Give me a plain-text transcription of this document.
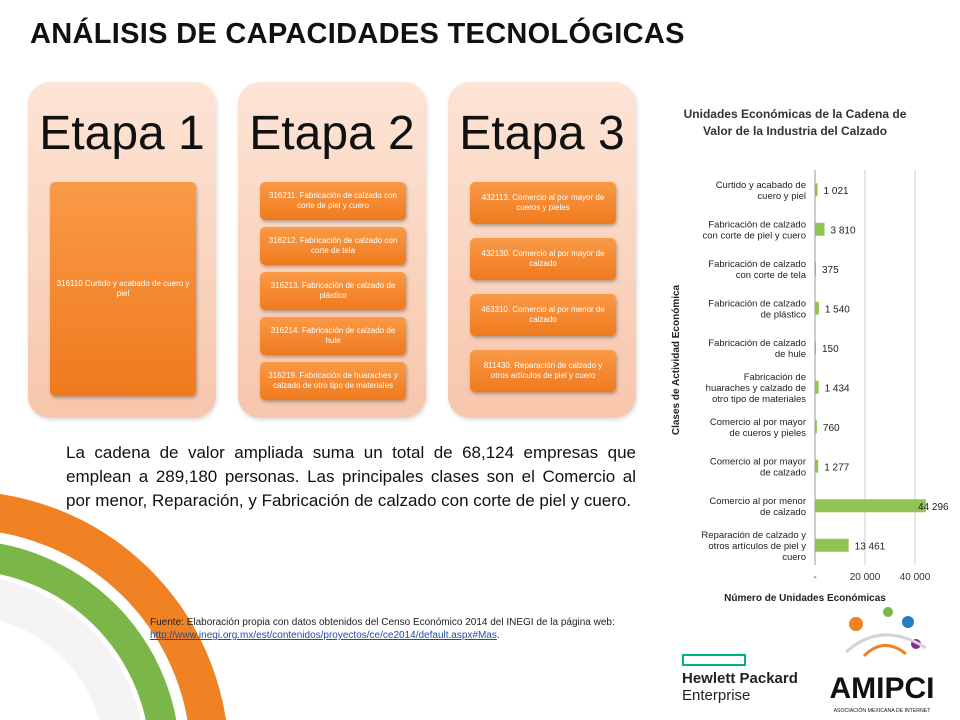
ANÁLISIS DE CAPACIDADES TECNOLÓGICAS
Etapa 1
316110 Curtido y acabado de cuero y piel
Etapa 2
316211. Fabricación de calzado con corte de piel y cuero
316212. Fabricación de calzado con corte de tela
316213. Fabricación de calzado de plástico
316214. Fabricación de calzado de hule
316219. Fabricación de huaraches y calzado de otro tipo de materiales
Etapa 3
432113. Comercio al por mayor de cueros y pieles
432130. Comercio al por mayor de calzado
463310. Comercio al por menor de calzado
811430. Reparación de calzado y otros artículos de piel y cuero
La cadena de valor ampliada suma un total de 68,124 empresas que emplean a 289,180 personas. Las principales clases son el Comercio al por menor, Reparación, y Fabricación de calzado con corte de piel y cuero.
Unidades Económicas de la Cadena de Valor de la Industria del Calzado
-	20 000 40 000
Curtido y acabado de
cuero y piel 1 021
Fabricación de calzado
con corte de piel y cuero 3 810
Fabricación de calzado
con corte de tela 375
Fabricación de calzado
de plástico 1 540
Fabricación de calzado
de hule 150
Fabricación de
huaraches y calzado de
otro tipo de materiales
1 434
Comercio al por mayor
de cueros y pieles 760
Comercio al por mayor
de calzado 1 277
Comercio al por menor
de calzado	44 296
Reparación de calzado y
otros artículos de piel y
cuero
13 461
Número de Unidades Económicas
Clases de Actividad Económica
Fuente: Elaboración propia con datos obtenidos del Censo Económico 2014 del INEGI de la página web:
http://www.inegi.org.mx/est/contenidos/proyectos/ce/ce2014/default.aspx#Mas.
Hewlett Packard
Enterprise	AMIPCI
ASOCIACIÓN MEXICANA DE INTERNET
